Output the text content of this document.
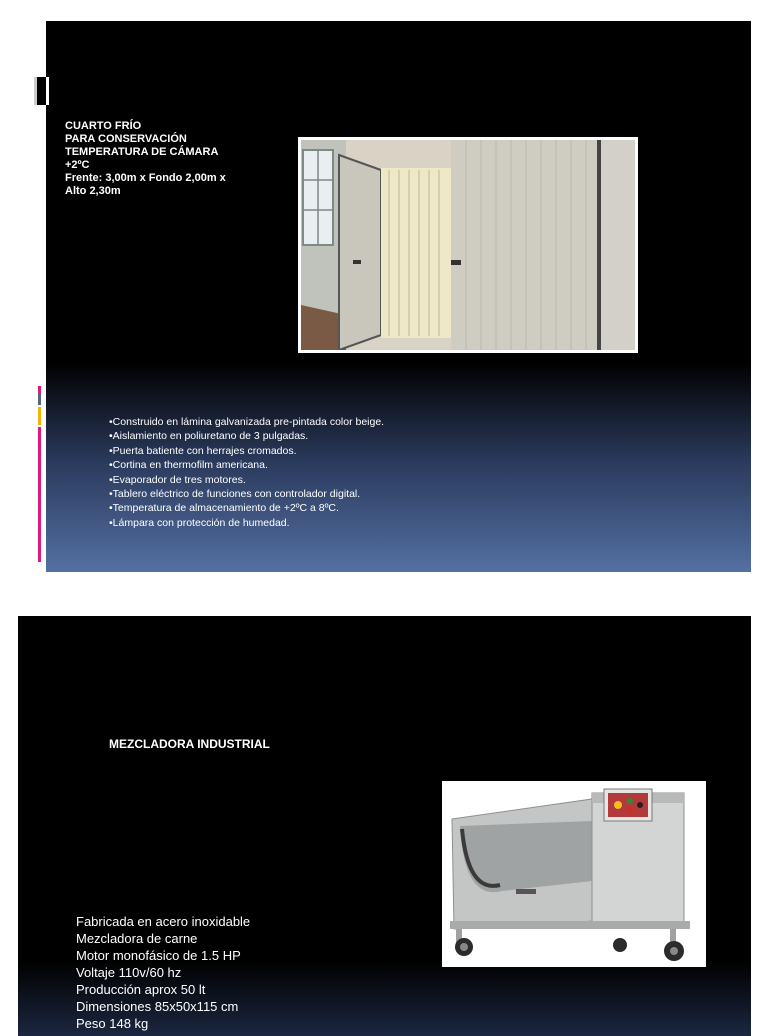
CUARTO FRÍO
PARA CONSERVACIÓN
TEMPERATURA DE CÁMARA
+2ºC
Frente: 3,00m x Fondo 2,00m x
Alto 2,30m
•Construido en lámina galvanizada pre-pintada color beige.
•Aislamiento en poliuretano de 3 pulgadas.
•Puerta batiente con herrajes cromados.
•Cortina en thermofilm americana.
•Evaporador de tres motores.
•Tablero eléctrico de funciones con controlador digital.
•Temperatura de almacenamiento de +2ºC a 8ºC.
•Lámpara con protección de humedad.
MEZCLADORA INDUSTRIAL
Fabricada en acero inoxidable
Mezcladora de carne
Motor monofásico de 1.5 HP
Voltaje 110v/60 hz
Producción aprox 50 lt
Dimensiones 85x50x115 cm
Peso 148 kg
